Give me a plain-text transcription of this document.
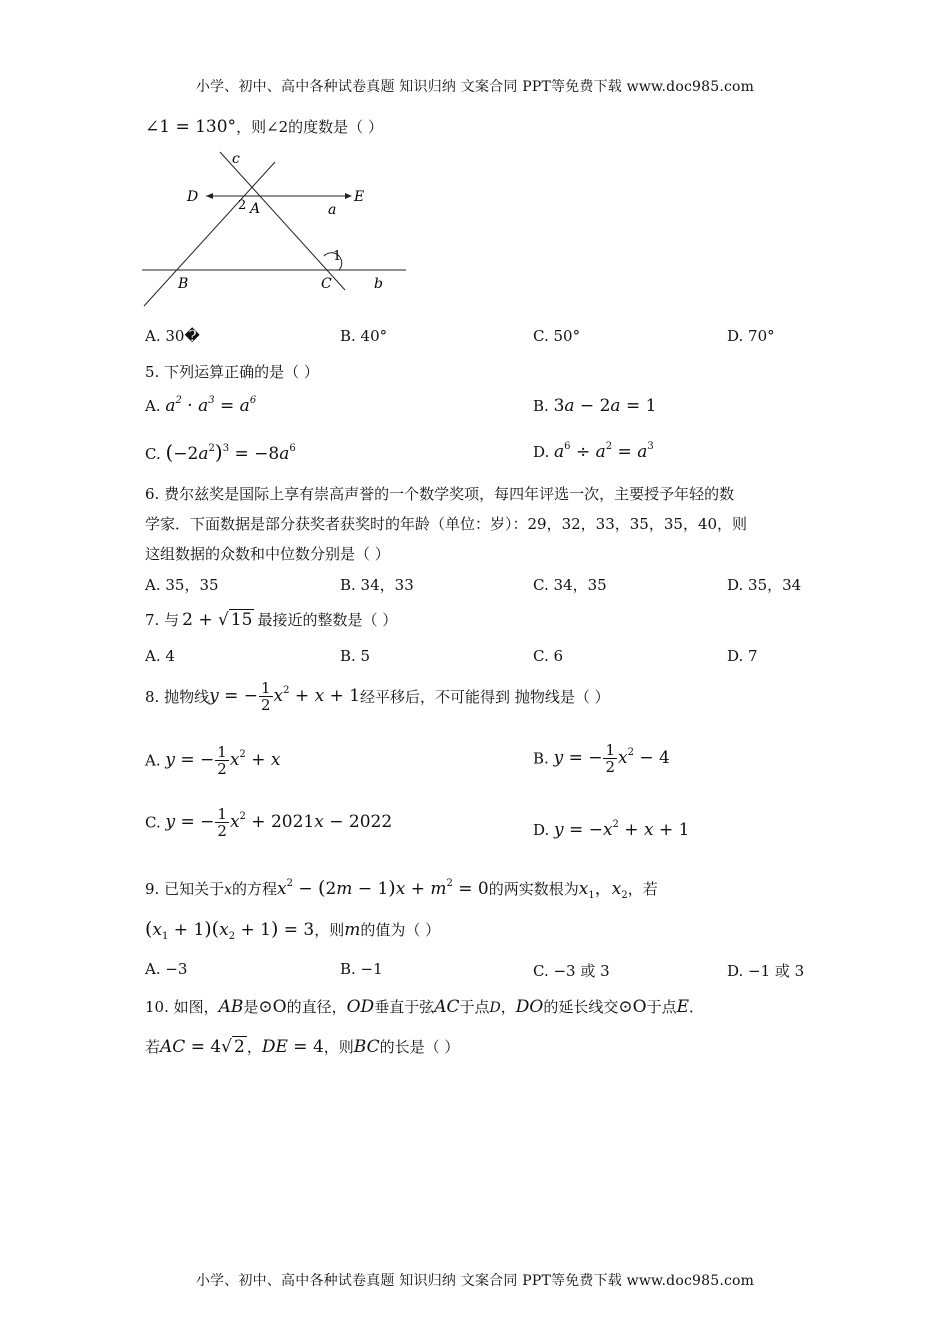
小学、初中、高中各种试卷真题 知识归纳 文案合同 PPT等免费下载 www.doc985.com
∠1 = 130°，则∠2的度数是（ ）
c
D	E
2 A	a
1
B	C	b
A. 30�	B. 40°	C. 50°	D. 70°
5. 下列运算正确的是（ ）
A. $a^2 \cdot a^3 = a^6$	B. 3a − 2a = 1
C. $(-2a^2)^3 = -8a^6$	D. $a^6 \div a^2 = a^3$
6. 费尔兹奖是国际上享有崇高声誉的一个数学奖项，每四年评选一次，主要授予年轻的数
学家．下面数据是部分获奖者获奖时的年龄（单位：岁）：29，32，33，35，35，40，则
这组数据的众数和中位数分别是（ ）
A. 35，35	B. 34，33	C. 34，35	D. 35，34
7. 与 2 + √ 15 最接近的整数是（ ）
A. 4	B. 5	C. 6	D. 7
8. 抛物线y = − $\frac{1}{2} x^2 + x + 1$经平移后，不可能得到 抛物线是（ ）
A. y = − $\frac{1}{2} x^2 + x$	B. y = − $\frac{1}{2} x^2 - 4$
C. y = − $\frac{1}{2} x^2 + 2021x - 2022$	D. $y = -x^2 + x + 1$
9. 已知关于x的方程$x^2 - (2m - 1)x + m^2 = 0$的两实数根为$x_1$，$x_2$，若
$(x_1 + 1)(x_2 + 1) = 3$，则m的值为（ ）
A. −3	B. −1	C. −3 或 3	D. −1 或 3
10. 如图，AB是⊙O的直径，OD垂直于弦AC于点D，DO的延长线交⊙O于点E．
若AC = 4√ 2 ，DE = 4，则BC的长是（ ）
小学、初中、高中各种试卷真题 知识归纳 文案合同 PPT等免费下载 www.doc985.com
